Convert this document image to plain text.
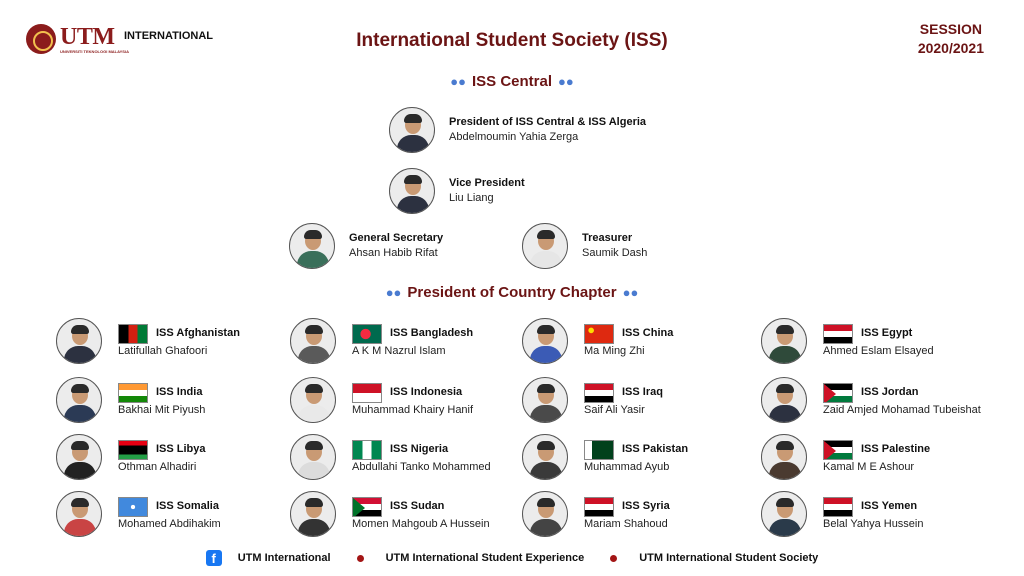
UTM
UNIVERSITI TEKNOLOGI MALAYSIA
INTERNATIONAL	International Student Society (ISS)
SESSION
2020/2021
●● ISS Central ●●
President of ISS Central & ISS Algeria
Abdelmoumin Yahia Zerga
Vice President
Liu Liang
General Secretary
Ahsan Habib Rifat
Treasurer
Saumik Dash
●● President of Country Chapter ●●
ISS Afghanistan
Latifullah Ghafoori
ISS Bangladesh
A K M Nazrul Islam
ISS China
Ma Ming Zhi
ISS Egypt
Ahmed Eslam Elsayed
ISS India
Bakhai Mit Piyush
ISS Indonesia
Muhammad Khairy Hanif
ISS Iraq
Saif Ali Yasir
ISS Jordan
Zaid Amjed Mohamad Tubeishat
ISS Libya
Othman Alhadiri
ISS Nigeria
Abdullahi Tanko Mohammed
ISS Pakistan
Muhammad Ayub
ISS Palestine
Kamal M E Ashour
ISS Somalia
Mohamed Abdihakim
ISS Sudan
Momen Mahgoub A Hussein
ISS Syria
Mariam Shahoud
ISS Yemen
Belal Yahya Hussein
f	UTM International	UTM International Student Experience	UTM International Student Society
